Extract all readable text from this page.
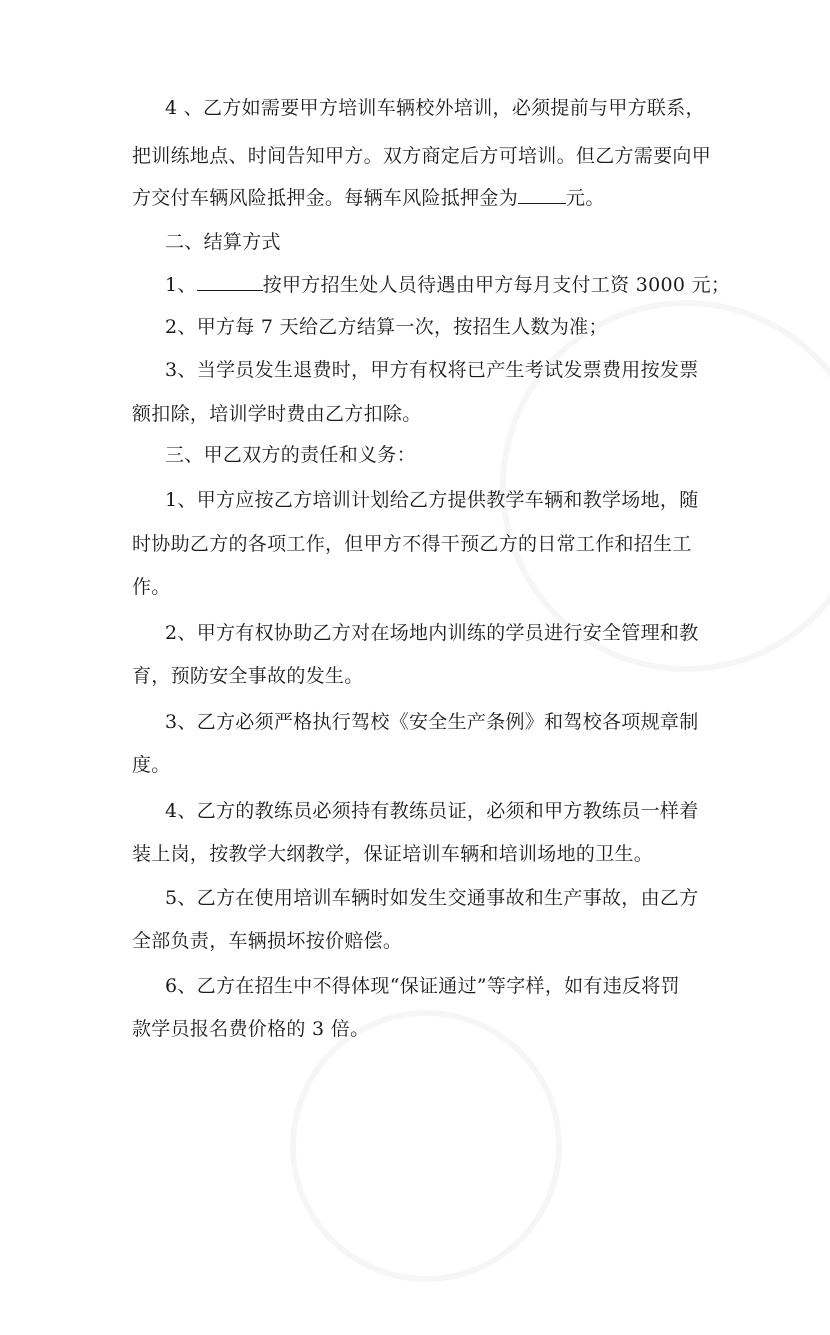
4 、乙方如需要甲方培训车辆校外培训，必须提前与甲方联系，
把训练地点、时间告知甲方。双方商定后方可培训。但乙方需要向甲
方交付车辆风险抵押金。每辆车风险抵押金为	元。
二、结算方式
1、	按甲方招生处人员待遇由甲方每月支付工资 3000 元；
2、甲方每 7 天给乙方结算一次，按招生人数为准；
3、当学员发生退费时，甲方有权将已产生考试发票费用按发票
额扣除，培训学时费由乙方扣除。
三、甲乙双方的责任和义务：
1、甲方应按乙方培训计划给乙方提供教学车辆和教学场地，随
时协助乙方的各项工作，但甲方不得干预乙方的日常工作和招生工
作。
2、甲方有权协助乙方对在场地内训练的学员进行安全管理和教
育，预防安全事故的发生。
3、乙方必须严格执行驾校《安全生产条例》和驾校各项规章制
度。
4、乙方的教练员必须持有教练员证，必须和甲方教练员一样着
装上岗，按教学大纲教学，保证培训车辆和培训场地的卫生。
5、乙方在使用培训车辆时如发生交通事故和生产事故，由乙方
全部负责，车辆损坏按价赔偿。
6、乙方在招生中不得体现“保证通过”等字样，如有违反将罚
款学员报名费价格的 3 倍。
